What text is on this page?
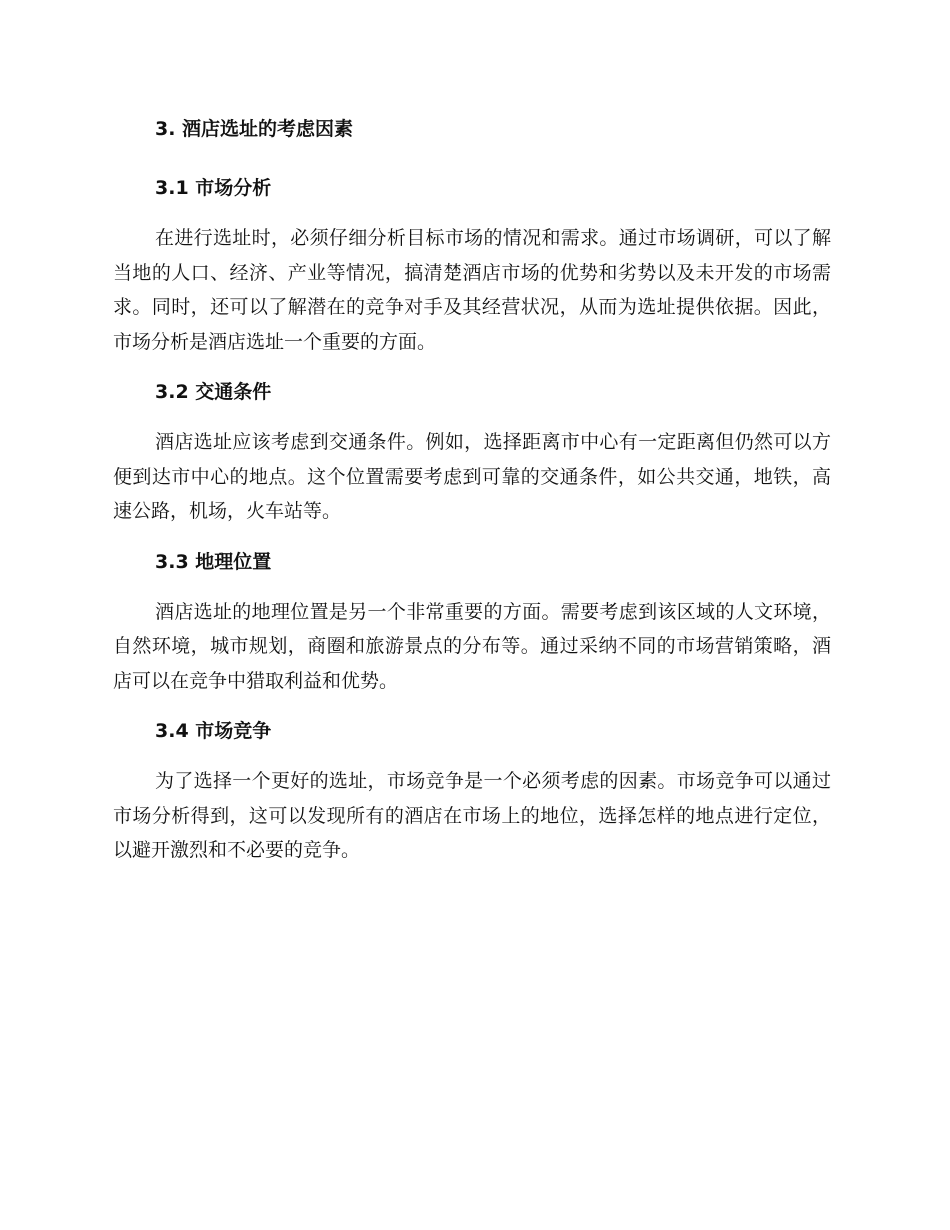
3. 酒店选址的考虑因素
3.1 市场分析

在进行选址时，必须仔细分析目标市场的情况和需求。通过市场调研，可以了解当地的人口、经济、产业等情况，搞清楚酒店市场的优势和劣势以及未开发的市场需求。同时，还可以了解潜在的竞争对手及其经营状况，从而为选址提供依据。因此，市场分析是酒店选址一个重要的方面。

3.2 交通条件

酒店选址应该考虑到交通条件。例如，选择距离市中心有一定距离但仍然可以方便到达市中心的地点。这个位置需要考虑到可靠的交通条件，如公共交通，地铁，高速公路，机场，火车站等。

3.3 地理位置

酒店选址的地理位置是另一个非常重要的方面。需要考虑到该区域的人文环境，自然环境，城市规划，商圈和旅游景点的分布等。通过采纳不同的市场营销策略，酒店可以在竞争中猎取利益和优势。

3.4 市场竞争

为了选择一个更好的选址，市场竞争是一个必须考虑的因素。市场竞争可以通过市场分析得到，这可以发现所有的酒店在市场上的地位，选择怎样的地点进行定位，以避开激烈和不必要的竞争。
